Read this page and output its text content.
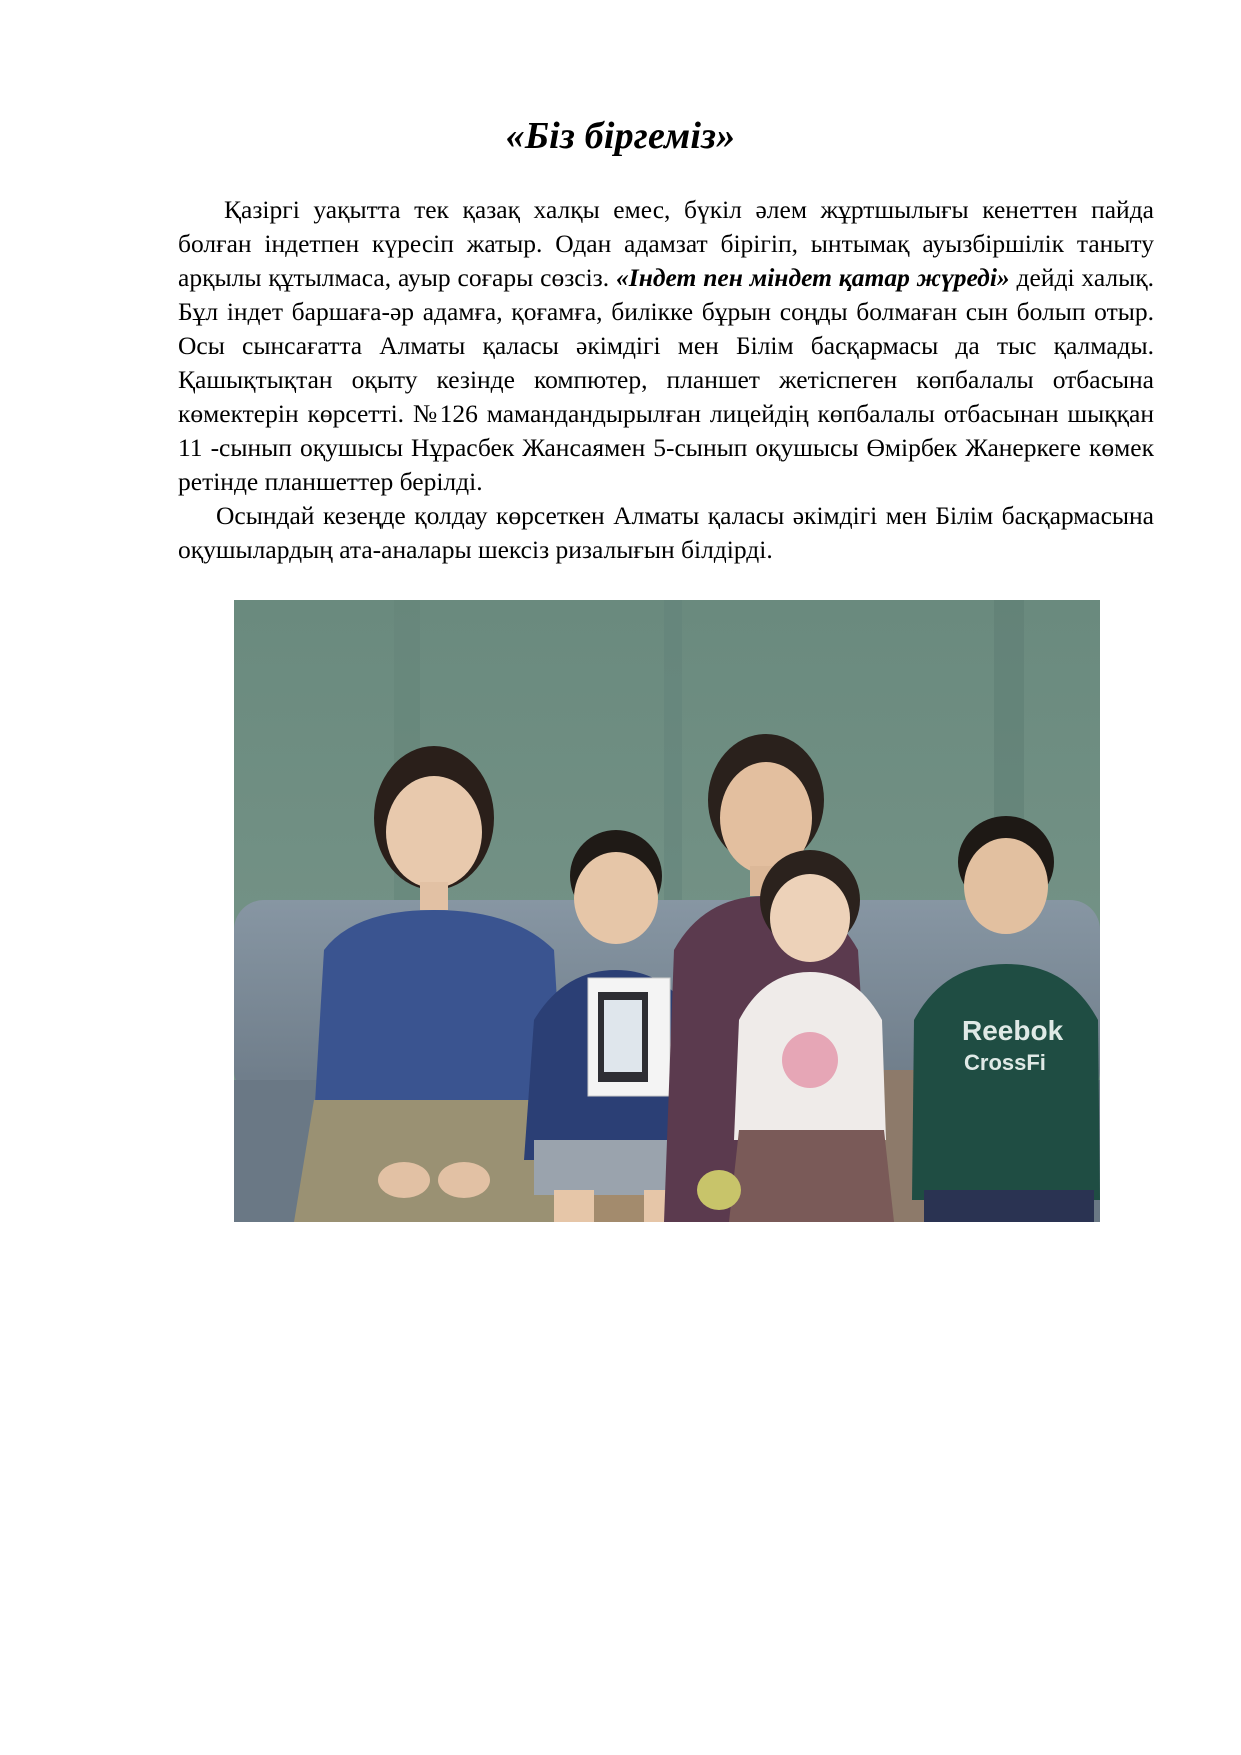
«Біз біргеміз»

Қазіргі уақытта тек қазақ халқы емес, бүкіл әлем жұртшылығы кенеттен пайда болған індетпен күресіп жатыр. Одан адамзат бірігіп, ынтымақ ауызбіршілік таныту арқылы құтылмаса, ауыр соғары сөзсіз. «Індет пен міндет қатар жүреді» дейді халық. Бұл індет баршаға-әр адамға, қоғамға, билікке бұрын соңды болмаған сын болып отыр. Осы сынсағатта Алматы қаласы әкімдігі мен Білім басқармасы да тыс қалмады. Қашықтықтан оқыту кезінде компютер, планшет жетіспеген көпбалалы отбасына көмектерін көрсетті. №126 мамандандырылған лицейдің көпбалалы отбасынан шыққан 11 -сынып оқушысы Нұрасбек Жансаямен 5-сынып оқушысы Өмірбек Жанеркеге көмек ретінде планшеттер берілді.

Осындай кезеңде қолдау көрсеткен Алматы қаласы әкімдігі мен Білім басқармасына оқушылардың ата-аналары шексіз ризалығын білдірді.

Reebok
CrossFi
